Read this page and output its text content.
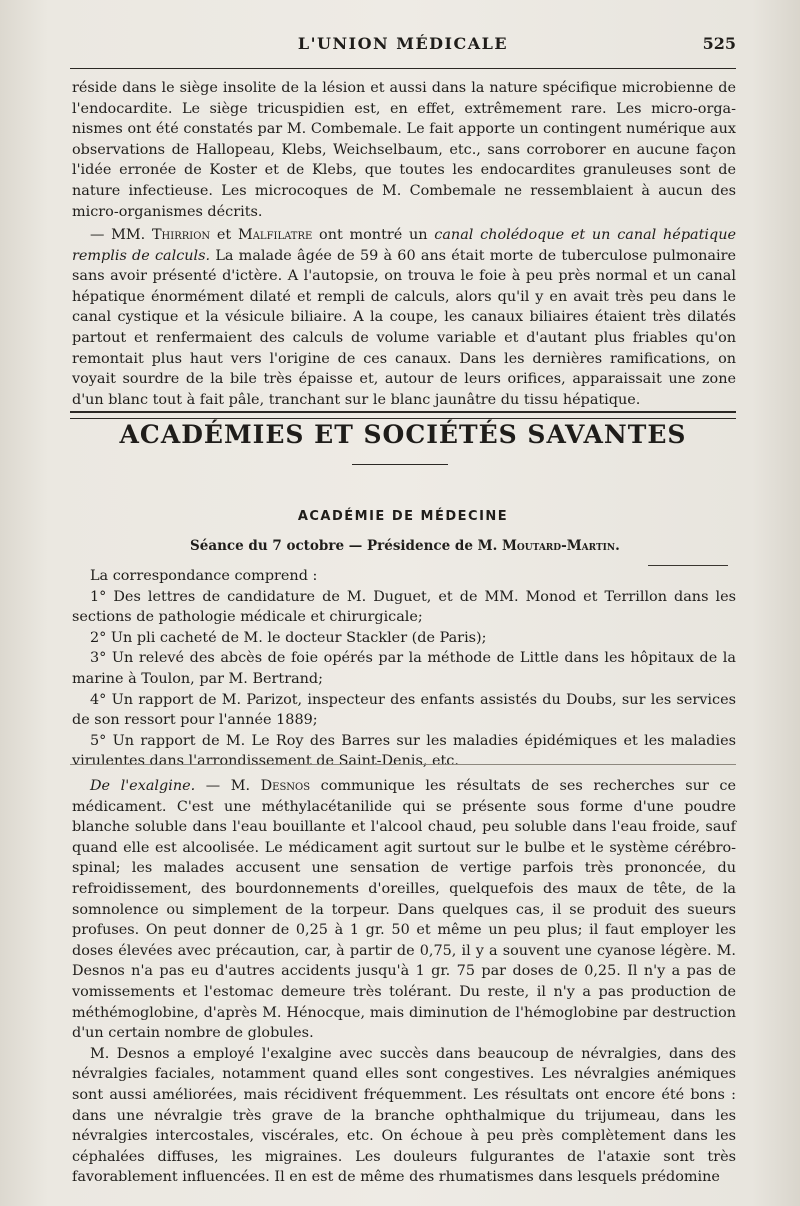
L'UNION MÉDICALE	525

réside dans le siège insolite de la lésion et aussi dans la nature spécifique microbienne de l'endocardite. Le siège tricuspidien est, en effet, extrêmement rare. Les micro-orga- nismes ont été constatés par M. Combemale. Le fait apporte un contingent numérique aux observations de Hallopeau, Klebs, Weichselbaum, etc., sans corroborer en aucune façon l'idée erronée de Koster et de Klebs, que toutes les endocardites granuleuses sont de nature infectieuse. Les microcoques de M. Combemale ne ressemblaient à aucun des micro-organismes décrits.

— MM. Thirrion et Malfilatre ont montré un canal cholédoque et un canal hépatique remplis de calculs. La malade âgée de 59 à 60 ans était morte de tuberculose pulmonaire sans avoir présenté d'ictère. A l'autopsie, on trouva le foie à peu près normal et un canal hépatique énormément dilaté et rempli de calculs, alors qu'il y en avait très peu dans le canal cystique et la vésicule biliaire. A la coupe, les canaux biliaires étaient très dilatés partout et renfermaient des calculs de volume variable et d'autant plus friables qu'on remontait plus haut vers l'origine de ces canaux. Dans les dernières ramifications, on voyait sourdre de la bile très épaisse et, autour de leurs orifices, apparaissait une zone d'un blanc tout à fait pâle, tranchant sur le blanc jaunâtre du tissu hépatique.

ACADÉMIES ET SOCIÉTÉS SAVANTES
ACADÉMIE DE MÉDECINE
Séance du 7 octobre — Présidence de M. Moutard-Martin.

La correspondance comprend :

1° Des lettres de candidature de M. Duguet, et de MM. Monod et Terrillon dans les sections de pathologie médicale et chirurgicale;

2° Un pli cacheté de M. le docteur Stackler (de Paris);

3° Un relevé des abcès de foie opérés par la méthode de Little dans les hôpitaux de la marine à Toulon, par M. Bertrand;

4° Un rapport de M. Parizot, inspecteur des enfants assistés du Doubs, sur les services de son ressort pour l'année 1889;

5° Un rapport de M. Le Roy des Barres sur les maladies épidémiques et les maladies virulentes dans l'arrondissement de Saint-Denis, etc.

De l'exalgine. — M. Desnos communique les résultats de ses recherches sur ce médicament. C'est une méthylacétanilide qui se présente sous forme d'une poudre blanche soluble dans l'eau bouillante et l'alcool chaud, peu soluble dans l'eau froide, sauf quand elle est alcoolisée. Le médicament agit surtout sur le bulbe et le système cérébro-spinal; les malades accusent une sensation de vertige parfois très prononcée, du refroidissement, des bourdonnements d'oreilles, quelquefois des maux de tête, de la somnolence ou simplement de la torpeur. Dans quelques cas, il se produit des sueurs profuses. On peut donner de 0,25 à 1 gr. 50 et même un peu plus; il faut employer les doses élevées avec précaution, car, à partir de 0,75, il y a souvent une cyanose légère. M. Desnos n'a pas eu d'autres accidents jusqu'à 1 gr. 75 par doses de 0,25. Il n'y a pas de vomissements et l'estomac demeure très tolérant. Du reste, il n'y a pas production de méthémoglobine, d'après M. Hénocque, mais diminution de l'hémoglobine par destruction d'un certain nombre de globules.

M. Desnos a employé l'exalgine avec succès dans beaucoup de névralgies, dans des névralgies faciales, notamment quand elles sont congestives. Les névralgies anémiques sont aussi améliorées, mais récidivent fréquemment. Les résultats ont encore été bons : dans une névralgie très grave de la branche ophthalmique du trijumeau, dans les névralgies intercostales, viscérales, etc. On échoue à peu près complètement dans les céphalées diffuses, les migraines. Les douleurs fulgurantes de l'ataxie sont très favorablement influencées. Il en est de même des rhumatismes dans lesquels prédomine
